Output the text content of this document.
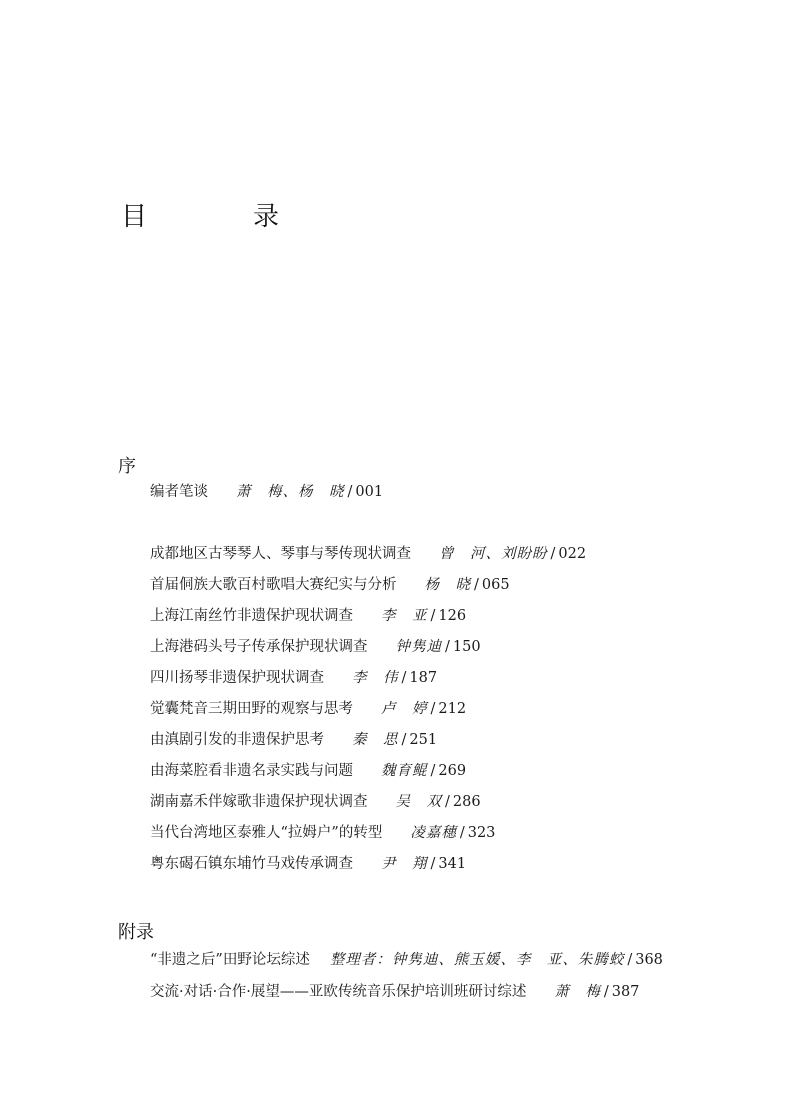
目　录
序
编者笔谈 萧　梅、杨　晓 / 001
成都地区古琴琴人、琴事与琴传现状调查 曾　河、刘盼盼 / 022
首届侗族大歌百村歌唱大赛纪实与分析 杨　晓 / 065
上海江南丝竹非遗保护现状调查 李　亚 / 126
上海港码头号子传承保护现状调查 钟隽迪 / 150
四川扬琴非遗保护现状调查 李　伟 / 187
觉囊梵音三期田野的观察与思考 卢　婷 / 212
由滇剧引发的非遗保护思考 秦　思 / 251
由海菜腔看非遗名录实践与问题 魏育鲲 / 269
湖南嘉禾伴嫁歌非遗保护现状调查 吴　双 / 286
当代台湾地区泰雅人“拉姆户”的转型 凌嘉穗 / 323
粤东碣石镇东埔竹马戏传承调查 尹　翔 / 341
附录
“非遗之后”田野论坛综述 整理者：钟隽迪、熊玉媛、李　亚、朱腾蛟 / 368
交流·对话·合作·展望——亚欧传统音乐保护培训班研讨综述 萧　梅 / 387
